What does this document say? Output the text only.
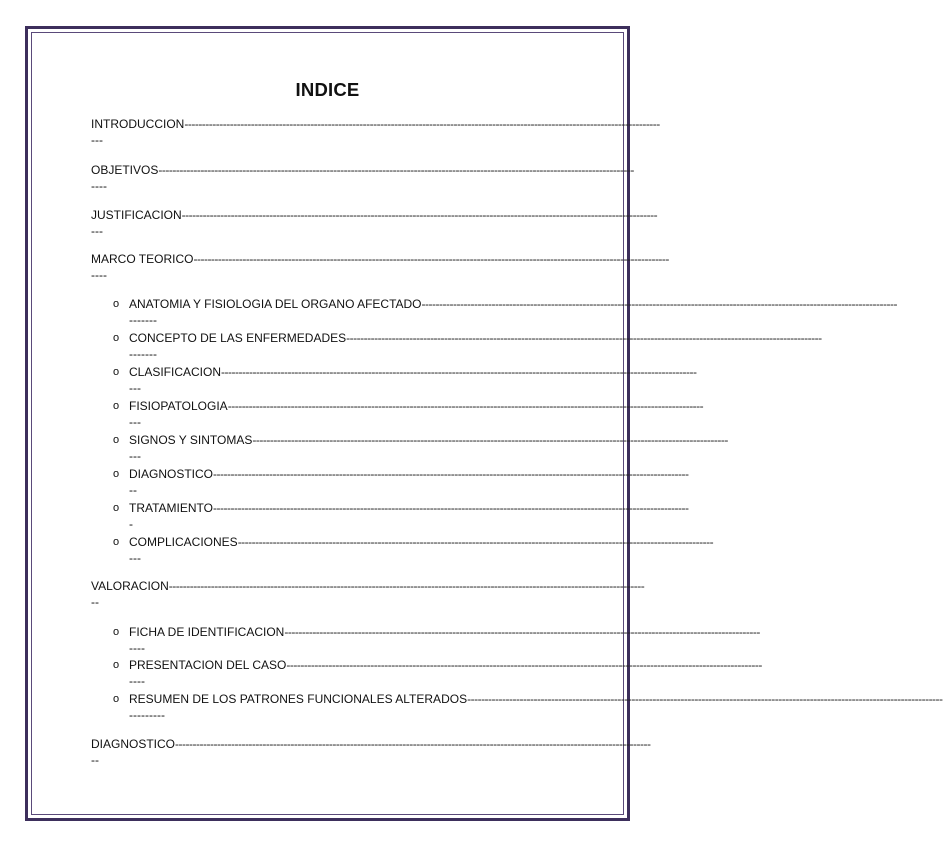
INDICE
INTRODUCCION ----------------------------------------------------------------------------------------------------------------------------------------
---
OBJETIVOS ----------------------------------------------------------------------------------------------------------------------------------------
----
JUSTIFICACION ----------------------------------------------------------------------------------------------------------------------------------------
---
MARCO TEORICO ----------------------------------------------------------------------------------------------------------------------------------------
----
o ANATOMIA Y FISIOLOGIA DEL ORGANO AFECTADO ----------------------------------------------------------------------------------------------------------------------------------------
-------
o CONCEPTO DE LAS ENFERMEDADES ----------------------------------------------------------------------------------------------------------------------------------------
-------
o CLASIFICACION ----------------------------------------------------------------------------------------------------------------------------------------
---
o FISIOPATOLOGIA ----------------------------------------------------------------------------------------------------------------------------------------
---
o SIGNOS Y SINTOMAS ----------------------------------------------------------------------------------------------------------------------------------------
---
o DIAGNOSTICO ----------------------------------------------------------------------------------------------------------------------------------------
--
o TRATAMIENTO ----------------------------------------------------------------------------------------------------------------------------------------
-
o COMPLICACIONES ----------------------------------------------------------------------------------------------------------------------------------------
---
VALORACION ----------------------------------------------------------------------------------------------------------------------------------------
--
o FICHA DE IDENTIFICACION ----------------------------------------------------------------------------------------------------------------------------------------
----
o PRESENTACION DEL CASO ----------------------------------------------------------------------------------------------------------------------------------------
----
o RESUMEN DE LOS PATRONES FUNCIONALES ALTERADOS ----------------------------------------------------------------------------------------------------------------------------------------
---------
DIAGNOSTICO ----------------------------------------------------------------------------------------------------------------------------------------
--
